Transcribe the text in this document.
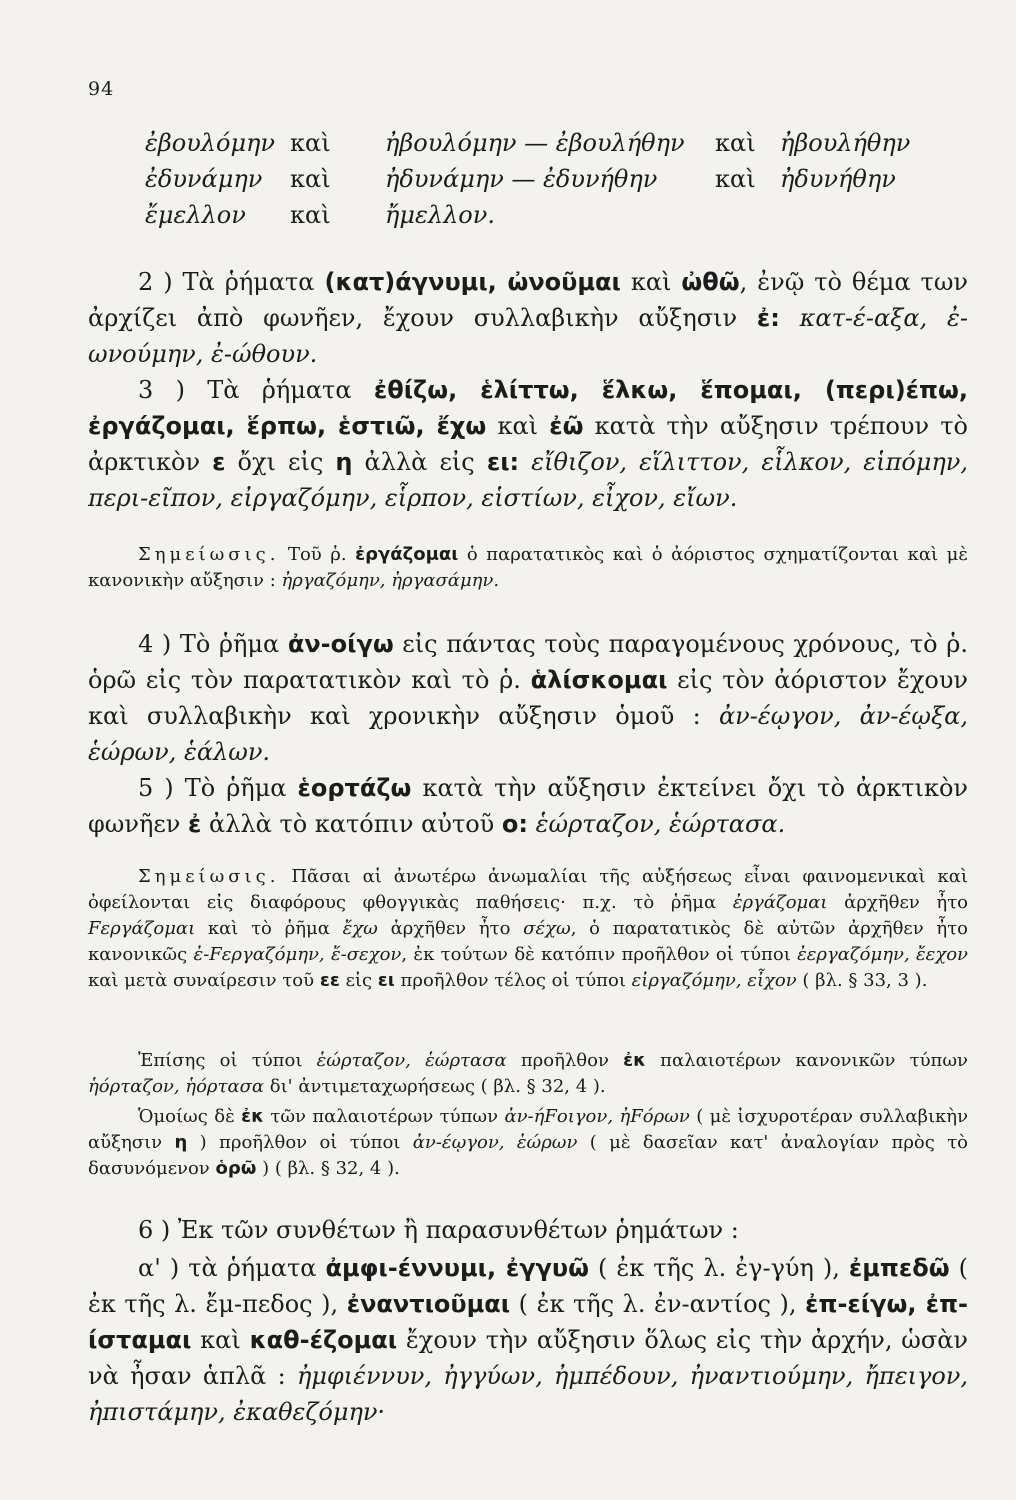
94
ἐβουλόμην	καὶ	ἠβουλόμην — ἐβουλήθην	καὶ	ἠβουλήθην
ἐδυνάμην	καὶ	ἠδυνάμην — ἐδυνήθην	καὶ	ἠδυνήθην
ἔμελλον	καὶ	ἤμελλον.		

2 ) Τὰ ῥήματα (κατ)άγνυμι, ὠνοῦμαι καὶ ὠθῶ, ἐνῷ τὸ θέμα των ἀρχίζει ἀπὸ φωνῆεν, ἔχουν συλλαβικὴν αὔξησιν ἐ: κατ-έ-αξα, ἐ-ωνούμην, ἐ-ώθουν.

3 ) Τὰ ῥήματα ἐθίζω, ἑλίττω, ἕλκω, ἕπομαι, (περι)έπω, ἐργάζομαι, ἕρπω, ἑστιῶ, ἔχω καὶ ἐῶ κατὰ τὴν αὔξησιν τρέπουν τὸ ἀρκτικὸν ε ὄχι εἰς η ἀλλὰ εἰς ει: εἴθιζον, εἵλιττον, εἷλκον, εἱπόμην, περι-εῖπον, εἰργαζόμην, εἷρπον, εἱστίων, εἶχον, εἴων.

Σημείωσις. Τοῦ ῥ. ἐργάζομαι ὁ παρατατικὸς καὶ ὁ ἀόριστος σχηματίζονται καὶ μὲ κανονικὴν αὔξησιν : ἠργαζόμην, ἠργασάμην.

4 ) Τὸ ῥῆμα ἀν-οίγω εἰς πάντας τοὺς παραγομένους χρόνους, τὸ ῥ. ὁρῶ εἰς τὸν παρατατικὸν καὶ τὸ ῥ. ἁλίσκομαι εἰς τὸν ἀόριστον ἔχουν καὶ συλλαβικὴν καὶ χρονικὴν αὔξησιν ὁμοῦ : ἀν-έῳγον, ἀν-έῳξα, ἑώρων, ἑάλων.

5 ) Τὸ ῥῆμα ἑορτάζω κατὰ τὴν αὔξησιν ἐκτείνει ὄχι τὸ ἀρκτικὸν φωνῆεν ἐ ἀλλὰ τὸ κατόπιν αὐτοῦ ο: ἑώρταζον, ἑώρτασα.

Σημείωσις. Πᾶσαι αἱ ἀνωτέρω ἀνωμαλίαι τῆς αὐξήσεως εἶναι φαινομενικαὶ καὶ ὀφείλονται εἰς διαφόρους φθογγικὰς παθήσεις· π.χ. τὸ ῥῆμα ἐργάζομαι ἀρχῆθεν ἦτο Fεργάζομαι καὶ τὸ ῥῆμα ἔχω ἀρχῆθεν ἦτο σέχω, ὁ παρατατικὸς δὲ αὐτῶν ἀρχῆθεν ἦτο κανονικῶς ἐ-Fεργαζόμην, ἔ-σεχον, ἐκ τούτων δὲ κατόπιν προῆλθον οἱ τύποι ἐεργαζόμην, ἔεχον καὶ μετὰ συναίρεσιν τοῦ εε εἰς ει προῆλθον τέλος οἱ τύποι εἰργαζόμην, εἶχον ( βλ. § 33, 3 ).

Ἐπίσης οἱ τύποι ἑώρταζον, ἑώρτασα προῆλθον ἐκ παλαιοτέρων κανονικῶν τύπων ἡόρταζον, ἡόρτασα δι' ἀντιμεταχωρήσεως ( βλ. § 32, 4 ).

Ὁμοίως δὲ ἐκ τῶν παλαιοτέρων τύπων ἀν-ήFοιγον, ἠFόρων ( μὲ ἰσχυροτέραν συλλαβικὴν αὔξησιν η ) προῆλθον οἱ τύποι ἀν-έῳγον, ἑώρων ( μὲ δασεῖαν κατ' ἀναλογίαν πρὸς τὸ δασυνόμενον ὁρῶ ) ( βλ. § 32, 4 ).

6 ) Ἐκ τῶν συνθέτων ἢ παρασυνθέτων ῥημάτων :

α' ) τὰ ῥήματα ἀμφι-έννυμι, ἐγγυῶ ( ἐκ τῆς λ. ἐγ-γύη ), ἐμπεδῶ ( ἐκ τῆς λ. ἔμ-πεδος ), ἐναντιοῦμαι ( ἐκ τῆς λ. ἐν-αντίος ), ἐπ-είγω, ἐπ-ίσταμαι καὶ καθ-έζομαι ἔχουν τὴν αὔξησιν ὅλως εἰς τὴν ἀρχήν, ὡσὰν νὰ ἦσαν ἁπλᾶ : ἠμφιέννυν, ἠγγύων, ἠμπέδουν, ἠναντιούμην, ἤπειγον, ἠπιστάμην, ἐκαθεζόμην·
